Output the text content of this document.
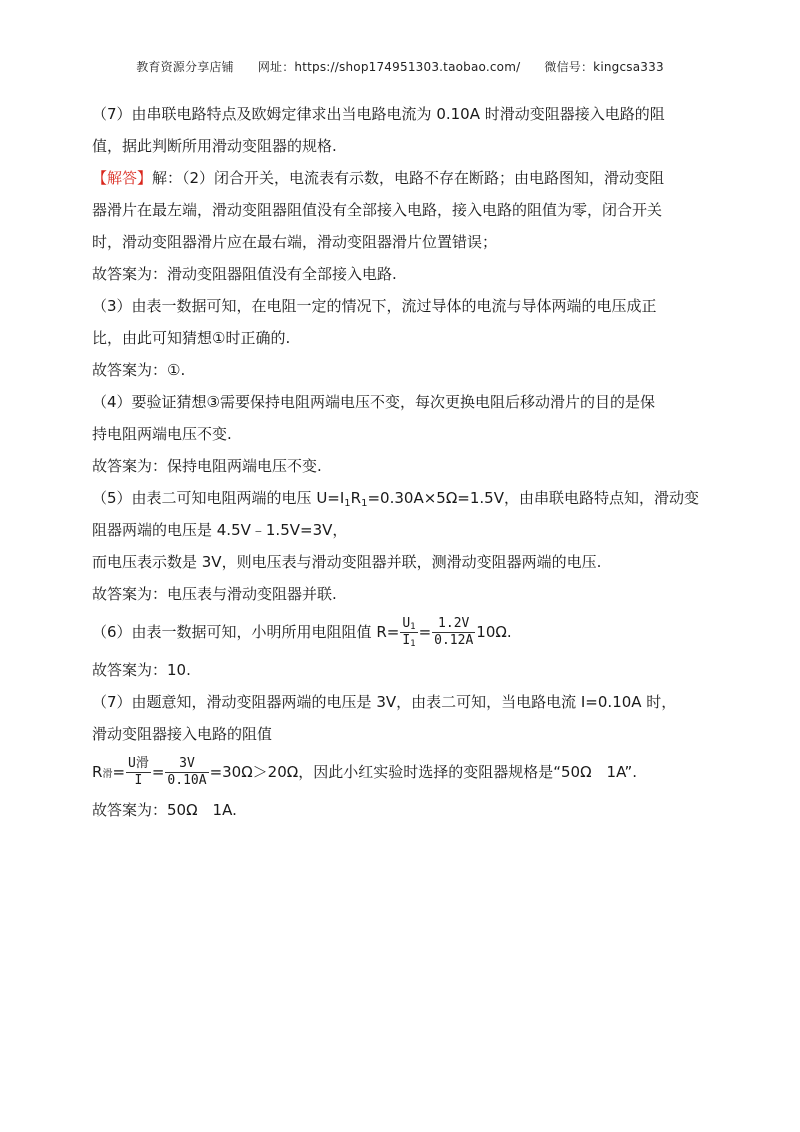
教育资源分享店铺 网址：https://shop174951303.taobao.com/ 微信号：kingcsa333
（7）由串联电路特点及欧姆定律求出当电路电流为 0.10A 时滑动变阻器接入电路的阻
值，据此判断所用滑动变阻器的规格.
【解答】解：（2）闭合开关，电流表有示数，电路不存在断路；由电路图知，滑动变阻
器滑片在最左端，滑动变阻器阻值没有全部接入电路，接入电路的阻值为零，闭合开关
时，滑动变阻器滑片应在最右端，滑动变阻器滑片位置错误；
故答案为：滑动变阻器阻值没有全部接入电路.
（3）由表一数据可知，在电阻一定的情况下，流过导体的电流与导体两端的电压成正
比，由此可知猜想①时正确的.
故答案为：①.
（4）要验证猜想③需要保持电阻两端电压不变，每次更换电阻后移动滑片的目的是保
持电阻两端电压不变.
故答案为：保持电阻两端电压不变.
（5）由表二可知电阻两端的电压 $U=I_1R_1=0.30A\times 5\Omega=1.5V$，由串联电路特点知，滑动变
阻器两端的电压是 4.5V﹣1.5V=3V，
而电压表示数是 3V，则电压表与滑动变阻器并联，测滑动变阻器两端的电压.
故答案为：电压表与滑动变阻器并联.
（6）由表一数据可知，小明所用电阻阻值 $R= \frac{U_1}{I_1} = \frac{1.2V}{0.12A} 10\Omega$.
故答案为：10.
（7）由题意知，滑动变阻器两端的电压是 3V，由表二可知，当电路电流 I=0.10A 时，
滑动变阻器接入电路的阻值
R滑= $\frac{\text{U滑}}{I} = \frac{3V}{0.10A} =30\Omega>20\Omega$，因此小红实验时选择的变阻器规格是“50Ω　1A”.
故答案为：50Ω　1A.
